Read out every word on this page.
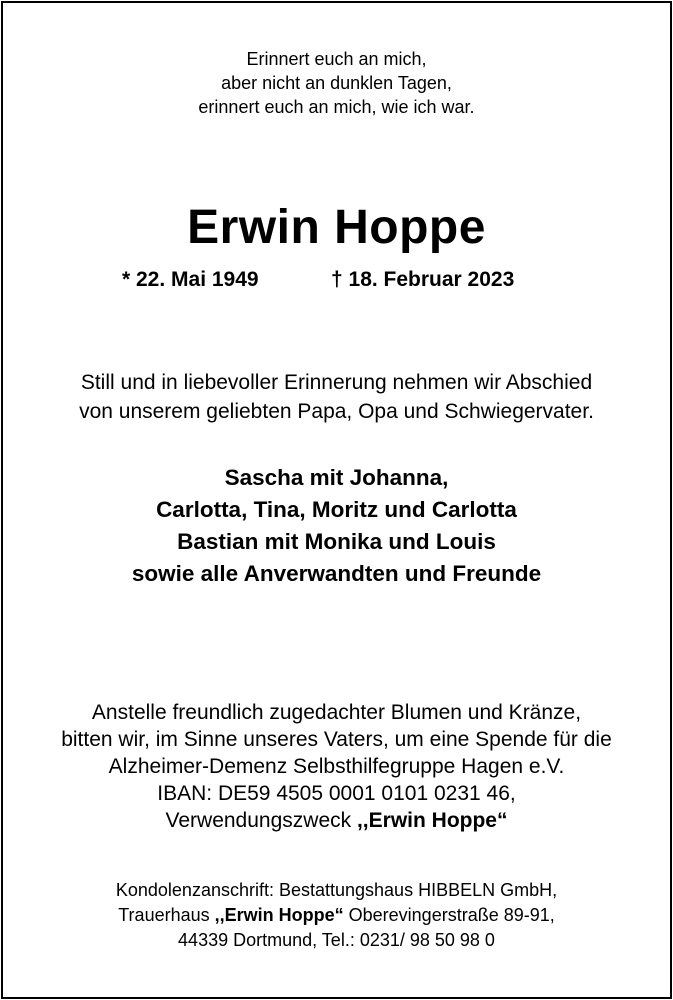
Erinnert euch an mich,
aber nicht an dunklen Tagen,
erinnert euch an mich, wie ich war.
Erwin Hoppe
* 22. Mai 1949	† 18. Februar 2023
Still und in liebevoller Erinnerung nehmen wir Abschied
von unserem geliebten Papa, Opa und Schwiegervater.
Sascha mit Johanna,
Carlotta, Tina, Moritz und Carlotta
Bastian mit Monika und Louis
sowie alle Anverwandten und Freunde
Anstelle freundlich zugedachter Blumen und Kränze,
bitten wir, im Sinne unseres Vaters, um eine Spende für die
Alzheimer-Demenz Selbsthilfegruppe Hagen e.V.
IBAN: DE59 4505 0001 0101 0231 46,
Verwendungszweck ,,Erwin Hoppe“
Kondolenzanschrift: Bestattungshaus HIBBELN GmbH,
Trauerhaus ,,Erwin Hoppe“ Oberevingerstraße 89-91,
44339 Dortmund, Tel.: 0231/ 98 50 98 0
